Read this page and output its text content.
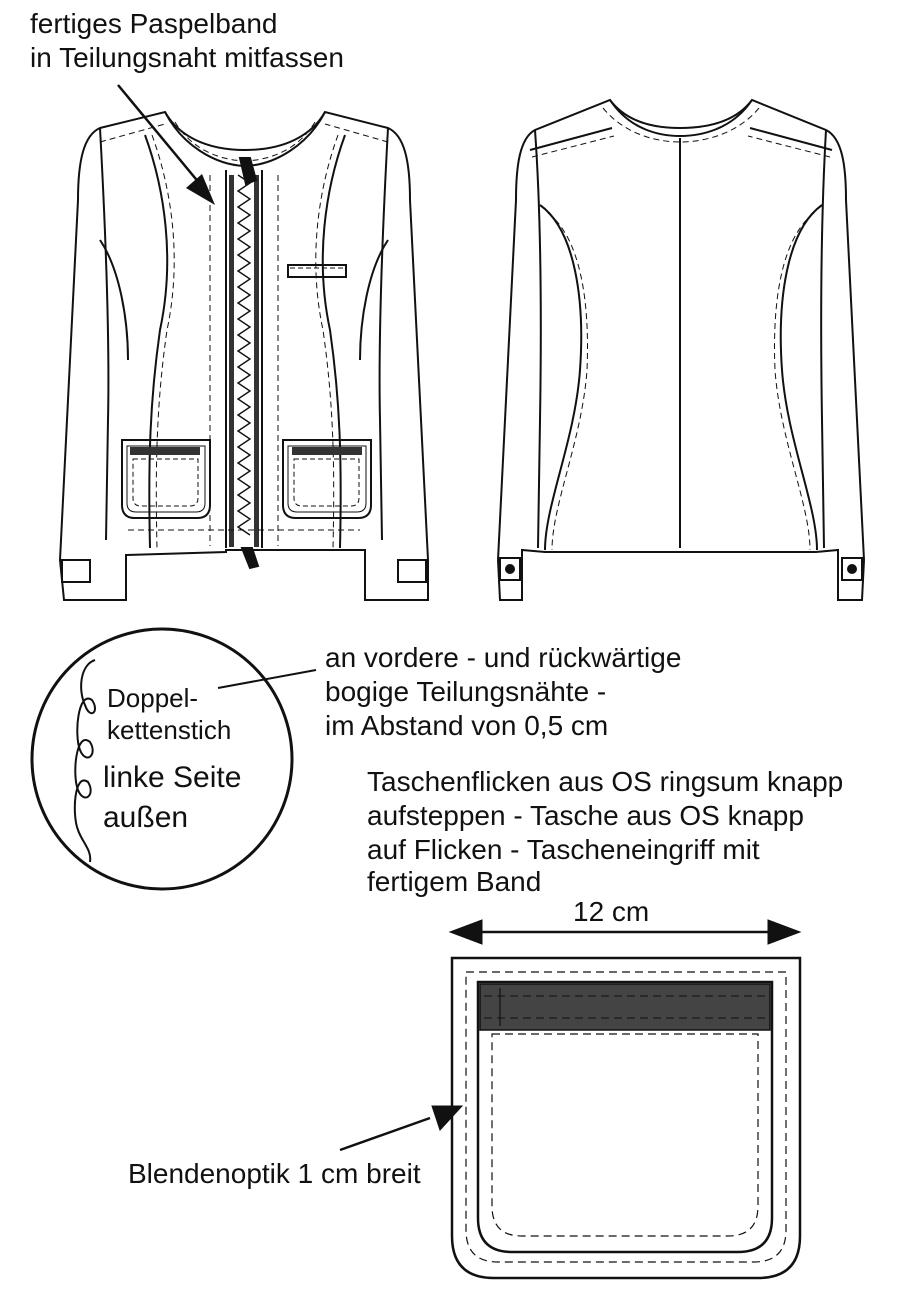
fertiges Paspelband

in Teilungsnaht mitfassen

an vordere - und rückwärtige

bogige Teilungsnähte -

im Abstand von 0,5 cm

Doppel-

kettenstich

linke Seite

außen

Taschenflicken aus OS ringsum knapp

aufsteppen - Tasche aus OS knapp

auf Flicken - Tascheneingriff mit

fertigem Band

12 cm

Blendenoptik 1 cm breit
